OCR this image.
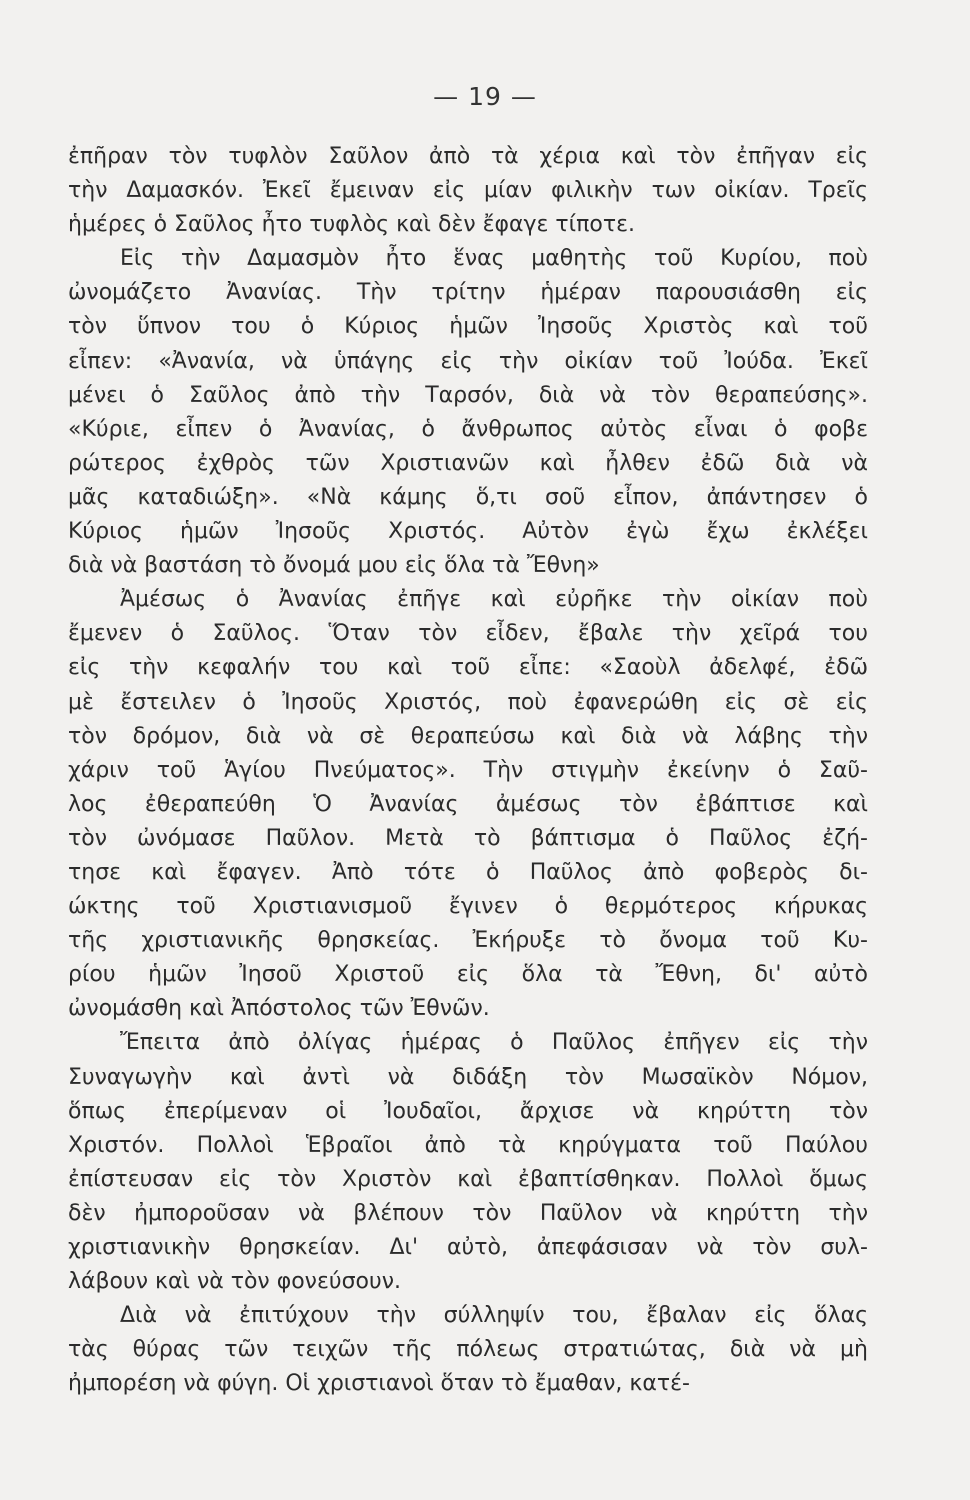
— 19 —
ἐπῆραν τὸν τυφλὸν Σαῦλον ἀπὸ τὰ χέρια καὶ τὸν ἐπῆγαν εἰς
τὴν Δαμασκόν. Ἐκεῖ ἔμειναν εἰς μίαν φιλικὴν των οἰκίαν. Τρεῖς
ἡμέρες ὁ Σαῦλος ἦτο τυφλὸς καὶ δὲν ἔφαγε τίποτε.
Εἰς τὴν Δαμασμὸν ἦτο ἕνας μαθητὴς τοῦ Κυρίου, ποὺ
ὠνομάζετο Ἀνανίας. Τὴν τρίτην ἡμέραν παρουσιάσθη εἰς
τὸν ὕπνον του ὁ Κύριος ἡμῶν Ἰησοῦς Χριστὸς καὶ τοῦ
εἶπεν: «Ἀνανία, νὰ ὑπάγης εἰς τὴν οἰκίαν τοῦ Ἰούδα. Ἐκεῖ
μένει ὁ Σαῦλος ἀπὸ τὴν Ταρσόν, διὰ νὰ τὸν θεραπεύσης».
«Κύριε, εἶπεν ὁ Ἀνανίας, ὁ ἄνθρωπος αὐτὸς εἶναι ὁ φοβε
ρώτερος ἐχθρὸς τῶν Χριστιανῶν καὶ ἦλθεν ἐδῶ διὰ νὰ
μᾶς καταδιώξη». «Νὰ κάμης ὅ,τι σοῦ εἶπον, ἀπάντησεν ὁ
Κύριος ἡμῶν Ἰησοῦς Χριστός. Αὐτὸν ἐγὼ ἔχω ἐκλέξει
διὰ νὰ βαστάση τὸ ὄνομά μου εἰς ὅλα τὰ Ἔθνη»
Ἀμέσως ὁ Ἀνανίας ἐπῆγε καὶ εὐρῆκε τὴν οἰκίαν ποὺ
ἔμενεν ὁ Σαῦλος. Ὅταν τὸν εἶδεν, ἔβαλε τὴν χεῖρά του
εἰς τὴν κεφαλήν του καὶ τοῦ εἶπε: «Σαοὺλ ἀδελφέ, ἐδῶ
μὲ ἔστειλεν ὁ Ἰησοῦς Χριστός, ποὺ ἐφανερώθη εἰς σὲ εἰς
τὸν δρόμον, διὰ νὰ σὲ θεραπεύσω καὶ διὰ νὰ λάβης τὴν
χάριν τοῦ Ἁγίου Πνεύματος». Τὴν στιγμὴν ἐκείνην ὁ Σαῦ-
λος ἐθεραπεύθη Ὁ Ἀνανίας ἀμέσως τὸν ἐβάπτισε καὶ
τὸν ὠνόμασε Παῦλον. Μετὰ τὸ βάπτισμα ὁ Παῦλος ἐζή-
τησε καὶ ἔφαγεν. Ἀπὸ τότε ὁ Παῦλος ἀπὸ φοβερὸς δι-
ώκτης τοῦ Χριστιανισμοῦ ἔγινεν ὁ θερμότερος κήρυκας
τῆς χριστιανικῆς θρησκείας. Ἐκήρυξε τὸ ὄνομα τοῦ Κυ-
ρίου ἡμῶν Ἰησοῦ Χριστοῦ εἰς ὅλα τὰ Ἔθνη, δι' αὐτὸ
ὠνομάσθη καὶ Ἀπόστολος τῶν Ἐθνῶν.
Ἔπειτα ἀπὸ ὀλίγας ἡμέρας ὁ Παῦλος ἐπῆγεν εἰς τὴν
Συναγωγὴν καὶ ἀντὶ νὰ διδάξη τὸν Μωσαϊκὸν Νόμον,
ὅπως ἐπερίμεναν οἱ Ἰουδαῖοι, ἄρχισε νὰ κηρύττη τὸν
Χριστόν. Πολλοὶ Ἑβραῖοι ἀπὸ τὰ κηρύγματα τοῦ Παύλου
ἐπίστευσαν εἰς τὸν Χριστὸν καὶ ἐβαπτίσθηκαν. Πολλοὶ ὅμως
δὲν ἠμποροῦσαν νὰ βλέπουν τὸν Παῦλον νὰ κηρύττη τὴν
χριστιανικὴν θρησκείαν. Δι' αὐτὸ, ἀπεφάσισαν νὰ τὸν συλ-
λάβουν καὶ νὰ τὸν φονεύσουν.
Διὰ νὰ ἐπιτύχουν τὴν σύλληψίν του, ἔβαλαν εἰς ὅλας
τὰς θύρας τῶν τειχῶν τῆς πόλεως στρατιώτας, διὰ νὰ μὴ
ἠμπορέση νὰ φύγη. Οἱ χριστιανοὶ ὅταν τὸ ἔμαθαν, κατέ-
